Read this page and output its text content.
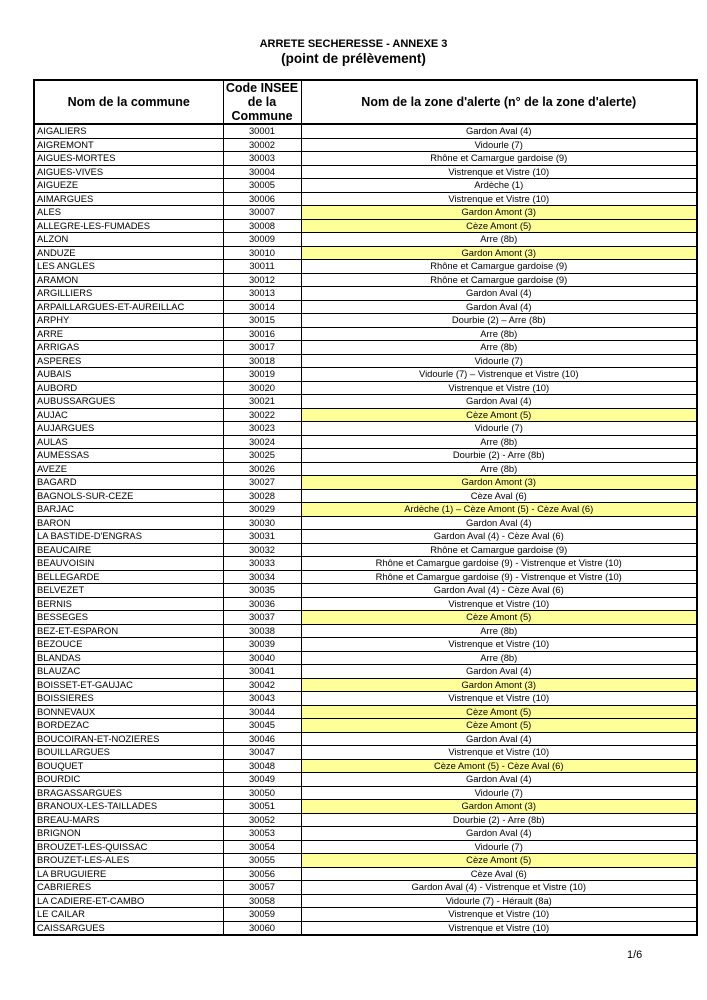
ARRETE SECHERESSE - ANNEXE 3
(point de prélèvement)
Nom de la commune	Code INSEE de la Commune	Nom de la zone d'alerte (n° de la zone d'alerte)
AIGALIERS	30001	Gardon Aval (4)
AIGREMONT	30002	Vidourle (7)
AIGUES-MORTES	30003	Rhône et Camargue gardoise (9)
AIGUES-VIVES	30004	Vistrenque et Vistre (10)
AIGUEZE	30005	Ardèche (1)
AIMARGUES	30006	Vistrenque et Vistre (10)
ALES	30007	Gardon Amont (3)
ALLEGRE-LES-FUMADES	30008	Cèze Amont (5)
ALZON	30009	Arre (8b)
ANDUZE	30010	Gardon Amont (3)
LES ANGLES	30011	Rhône et Camargue gardoise (9)
ARAMON	30012	Rhône et Camargue gardoise (9)
ARGILLIERS	30013	Gardon Aval (4)
ARPAILLARGUES-ET-AUREILLAC	30014	Gardon Aval (4)
ARPHY	30015	Dourbie (2) – Arre (8b)
ARRE	30016	Arre (8b)
ARRIGAS	30017	Arre (8b)
ASPERES	30018	Vidourle (7)
AUBAIS	30019	Vidourle (7) – Vistrenque et Vistre (10)
AUBORD	30020	Vistrenque et Vistre (10)
AUBUSSARGUES	30021	Gardon Aval (4)
AUJAC	30022	Cèze Amont (5)
AUJARGUES	30023	Vidourle (7)
AULAS	30024	Arre (8b)
AUMESSAS	30025	Dourbie (2) - Arre (8b)
AVEZE	30026	Arre (8b)
BAGARD	30027	Gardon Amont (3)
BAGNOLS-SUR-CEZE	30028	Cèze Aval (6)
BARJAC	30029	Ardèche (1) – Cèze Amont (5) - Cèze Aval (6)
BARON	30030	Gardon Aval (4)
LA BASTIDE-D'ENGRAS	30031	Gardon Aval (4) - Cèze Aval (6)
BEAUCAIRE	30032	Rhône et Camargue gardoise (9)
BEAUVOISIN	30033	Rhône et Camargue gardoise (9) - Vistrenque et Vistre (10)
BELLEGARDE	30034	Rhône et Camargue gardoise (9) - Vistrenque et Vistre (10)
BELVEZET	30035	Gardon Aval (4) - Cèze Aval (6)
BERNIS	30036	Vistrenque et Vistre (10)
BESSEGES	30037	Cèze Amont (5)
BEZ-ET-ESPARON	30038	Arre (8b)
BEZOUCE	30039	Vistrenque et Vistre (10)
BLANDAS	30040	Arre (8b)
BLAUZAC	30041	Gardon Aval (4)
BOISSET-ET-GAUJAC	30042	Gardon Amont (3)
BOISSIERES	30043	Vistrenque et Vistre (10)
BONNEVAUX	30044	Cèze Amont (5)
BORDEZAC	30045	Cèze Amont (5)
BOUCOIRAN-ET-NOZIERES	30046	Gardon Aval (4)
BOUILLARGUES	30047	Vistrenque et Vistre (10)
BOUQUET	30048	Cèze Amont (5) - Cèze Aval (6)
BOURDIC	30049	Gardon Aval (4)
BRAGASSARGUES	30050	Vidourle (7)
BRANOUX-LES-TAILLADES	30051	Gardon Amont (3)
BREAU-MARS	30052	Dourbie (2) - Arre (8b)
BRIGNON	30053	Gardon Aval (4)
BROUZET-LES-QUISSAC	30054	Vidourle (7)
BROUZET-LES-ALES	30055	Cèze Amont (5)
LA BRUGUIERE	30056	Cèze Aval (6)
CABRIERES	30057	Gardon Aval (4) - Vistrenque et Vistre (10)
LA CADIERE-ET-CAMBO	30058	Vidourle (7) - Hérault (8a)
LE CAILAR	30059	Vistrenque et Vistre (10)
CAISSARGUES	30060	Vistrenque et Vistre (10)
1/6
